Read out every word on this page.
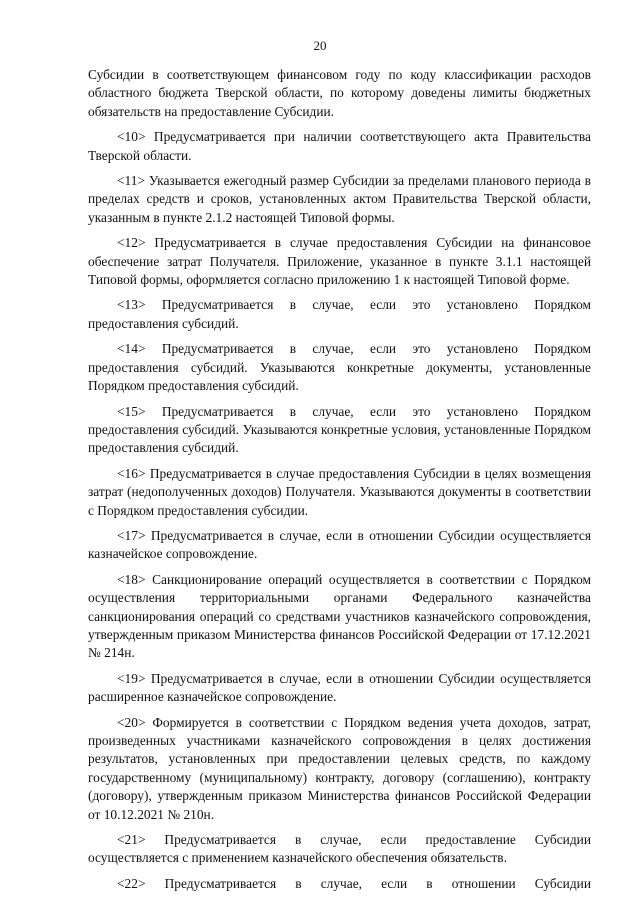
20

Субсидии в соответствующем финансовом году по коду классификации расходов областного бюджета Тверской области, по которому доведены лимиты бюджетных обязательств на предоставление Субсидии.

<10> Предусматривается при наличии соответствующего акта Правительства Тверской области.

<11> Указывается ежегодный размер Субсидии за пределами планового периода в пределах средств и сроков, установленных актом Правительства Тверской области, указанным в пункте 2.1.2 настоящей Типовой формы.

<12> Предусматривается в случае предоставления Субсидии на финансовое обеспечение затрат Получателя. Приложение, указанное в пункте 3.1.1 настоящей Типовой формы, оформляется согласно приложению 1 к настоящей Типовой форме.

<13> Предусматривается в случае, если это установлено Порядком предоставления субсидий.

<14> Предусматривается в случае, если это установлено Порядком предоставления субсидий. Указываются конкретные документы, установленные Порядком предоставления субсидий.

<15> Предусматривается в случае, если это установлено Порядком предоставления субсидий. Указываются конкретные условия, установленные Порядком предоставления субсидий.

<16> Предусматривается в случае предоставления Субсидии в целях возмещения затрат (недополученных доходов) Получателя. Указываются документы в соответствии с Порядком предоставления субсидии.

<17> Предусматривается в случае, если в отношении Субсидии осуществляется казначейское сопровождение.

<18> Санкционирование операций осуществляется в соответствии с Порядком осуществления территориальными органами Федерального казначейства санкционирования операций со средствами участников казначейского сопровождения, утвержденным приказом Министерства финансов Российской Федерации от 17.12.2021 № 214н.

<19> Предусматривается в случае, если в отношении Субсидии осуществляется расширенное казначейское сопровождение.

<20> Формируется в соответствии с Порядком ведения учета доходов, затрат, произведенных участниками казначейского сопровождения в целях достижения результатов, установленных при предоставлении целевых средств, по каждому государственному (муниципальному) контракту, договору (соглашению), контракту (договору), утвержденным приказом Министерства финансов Российской Федерации от 10.12.2021 № 210н.

<21> Предусматривается в случае, если предоставление Субсидии осуществляется с применением казначейского обеспечения обязательств.

<22> Предусматривается в случае, если в отношении Субсидии
